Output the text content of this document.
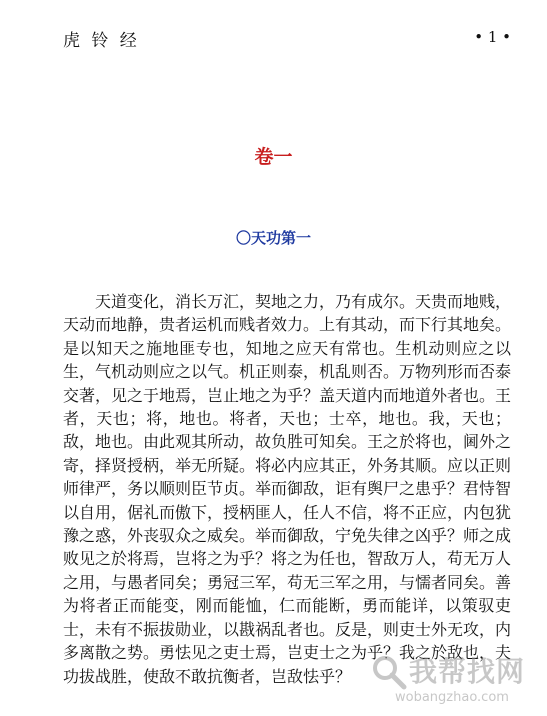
虎 铃 经	• 1 •
卷一
〇天功第一

天道变化，消长万汇，契地之力，乃有成尔。天贵而地贱，天动而地静，贵者运机而贱者效力。上有其动，而下行其地矣。是以知天之施地匪专也，知地之应天有常也。生机动则应之以生，气机动则应之以气。机正则泰，机乱则否。万物列形而否泰交著，见之于地焉，岂止地之为乎？盖天道内而地道外者也。王者，天也；将，地也。将者，天也；士卒，地也。我，天也；敌，地也。由此观其所动，故负胜可知矣。王之於将也，阃外之寄，择贤授柄，举无所疑。将必内应其正，外务其顺。应以正则师律严，务以顺则臣节贞。举而御敌，讵有舆尸之患乎？君恃智以自用，倨礼而傲下，授柄匪人，任人不信，将不正应，内包犹豫之惑，外丧驭众之威矣。举而御敌，宁免失律之凶乎？师之成败见之於将焉，岂将之为乎？将之为任也，智敌万人，苟无万人之用，与愚者同矣；勇冠三军，苟无三军之用，与懦者同矣。善为将者正而能变，刚而能恤，仁而能断，勇而能详，以策驭吏士，未有不振拔勋业，以戡祸乱者也。反是，则吏士外无攻，内多离散之势。勇怯见之吏士焉，岂吏士之为乎？我之於敌也，夫功拔战胜，使敌不敢抗衡者，岂敌怯乎？	我帮找网
wobangzhao.com
